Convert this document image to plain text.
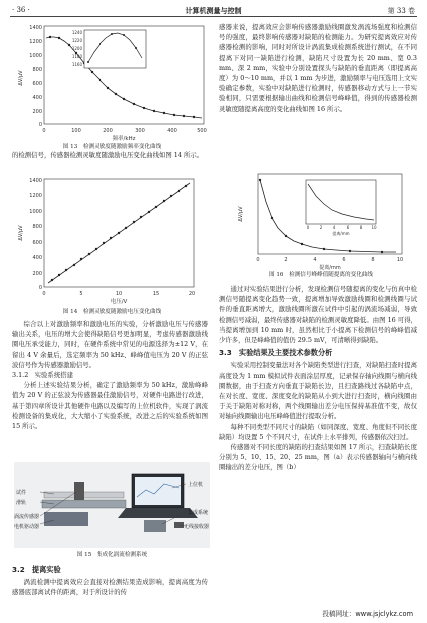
· 36 ·	计算机测量与控制	第 33 卷
1400
1200
1000
800
600
400
200
0
0	100	200	300	400	500
ΔV/μV
频率/kHz
1240
1220
1200
1180
1160
图 13　检测灵敏度随激励频率变化曲线

的检测信号，传感器检测灵敏度随激励电压变化曲线如图 14 所示。

1400
1200
1000
800
600
400
200
0
0	5	10	15	20
ΔV/μV
电压/V
图 14　检测灵敏度随激励电压变化曲线

综合以上对激励频率和激励电压的实验，分析激励电压与传感器输出关系，电压的增大会使得缺陷信号更加明显，考虑传感器激励线圈电压承受能力，同时，在硬件系统中常见的电源选择为±12 V，在留出 4 V 余量后，选定频率为 50 kHz、峰峰值电压为 20 V 的正弦波信号作为传感器激励信号。

3.1.2　实验系统搭建

分析上述实验结果分析，确定了激励频率为 50 kHz，激励峰峰值为 20 V 的正弦波为传感器最佳激励信号，对硬件电路进行改进，基于第四章所设计其他硬件电路以及编写的上位机软件，实现了涡流检测设备的集成化，大大缩小了实验系统，改进之后的实验系统如图 15 所示。

试件
滑轨
涡流传感器
电机驱动器
上位机
集成系统
无线接收器
图 15　集成化涡流检测系统

3.2　提离实验

涡流检测中提离效应会直接对检测结果造成影响，提离高度为传感器底部离试件的距离，对于所设计的传

感器来说，提离效应会影响传感器激励线圈激发涡流场强度和检测信号的强度，最终影响传感器对缺陷的检测能力。为研究提离效应对传感器检测的影响，同时对所设计涡流集成检测系统进行测试，在不同提离下对同一缺陷进行检测，缺陷尺寸设置为长 20 mm、宽 0.3 mm、深 2 mm，实验中分别设置探头与缺陷的垂直距离（即提离高度）为 0～10 mm，并以 1 mm 为步进，激励频率与电压选用上文实验确定参数，实验中对缺陷进行检测时，传感器移动方式与上一节实验相同，只需要根据输出曲线和检测信号峰峰值，得到的传感器检测灵敏度随提离高度的变化曲线如图 16 所示。

ΔV/μV
0	2	4	6	8	10
提离/mm
0	2	4	6	8 10
提离/mm
图 16　检测信号峰峰值随提离的变化曲线

通过对实验结果进行分析，发现检测信号随提离的变化与仿真中检测信号随提离变化趋势一致，提离增加导致激励线圈和检测线圈与试件的垂直距离增大，激励线圈所激在试件中引起的涡流场减弱，导致检测信号减弱，最终传感器对缺陷的检测灵敏度降低。由图 16 可得，当提离增加到 10 mm 时，虽然相比于小提离下检测信号的峰峰值减少许多，但是峰峰值的值仍 29.5 mV，可清晰得到缺陷。

3.3　实验结果及主要技术参数分析

实验采用控制变量法对各个缺陷类型进行扫查，对缺陷扫查时提离高度设为 1 mm 模拟试件表面涂层厚度，记录保存轴向线圈与横向线圈数据，由于扫查方向垂直于缺陷长边，且扫查路线过各缺陷中点，在对长度、宽度、深度变化的缺陷从小到大进行扫查时，横向线圈由于关于缺陷对称对称，两个线圈输出差分电压保持基准值不变，故仅对轴向线圈输出电压峰峰值进行提取分析。

每种不同类型不同尺寸的缺陷（如同深度、宽度、角度但不同长度缺陷）均设置 5 个不同尺寸，在试件上水平排列，传感器依次扫过。

传感器对不同长度的缺陷的扫查结果如图 17 所示，扫查缺陷长度分别为 5、10、15、20、25 mm，图（a）表示传感器轴向与横向线圈输出的差分电压，图（b）

投稿网址：www.jsjclykz.com
